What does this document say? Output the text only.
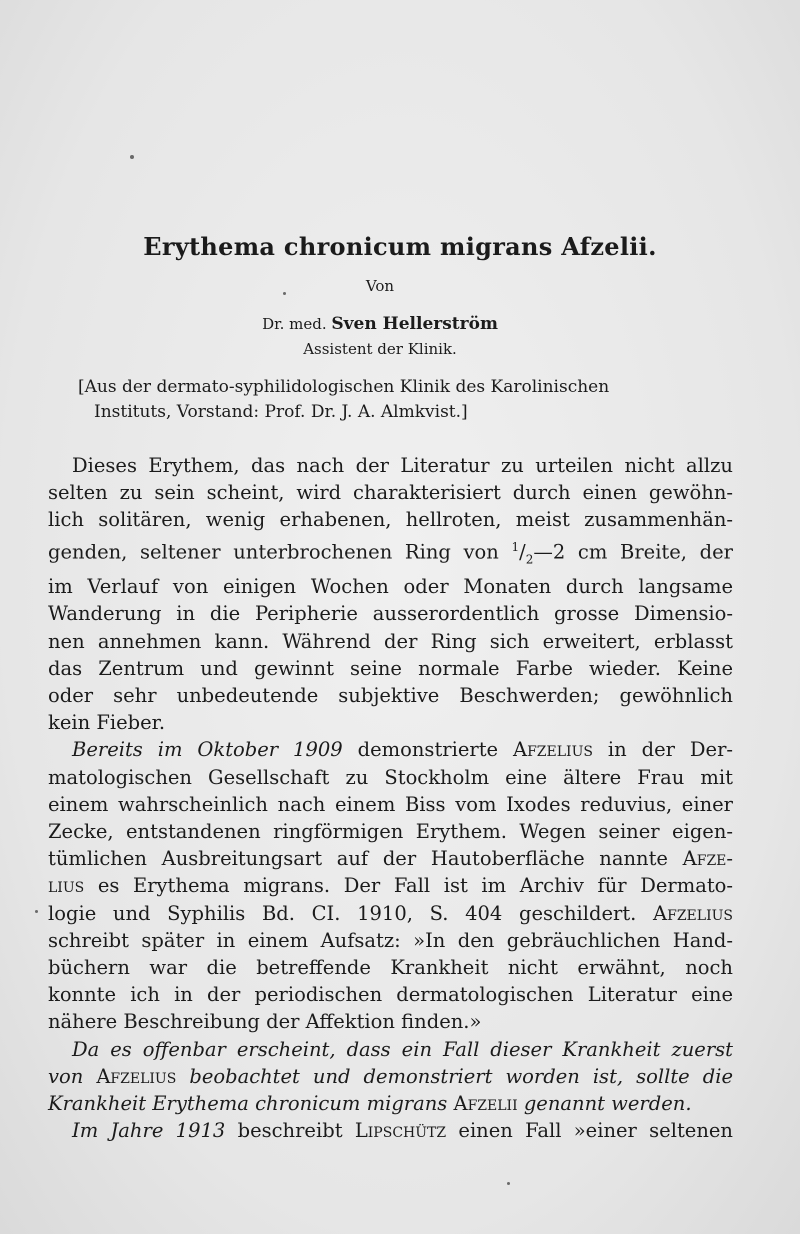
Erythema chronicum migrans Afzelii.
Von
Dr. med. Sven Hellerström
Assistent der Klinik.
[Aus der dermato-syphilidologischen Klinik des Karolinischen
Instituts, Vorstand: Prof. Dr. J. A. Almkvist.]
Dieses Erythem, das nach der Literatur zu urteilen nicht allzu
selten zu sein scheint, wird charakterisiert durch einen gewöhn-
lich solitären, wenig erhabenen, hellroten, meist zusammenhän-
genden, seltener unterbrochenen Ring von $^1/_2—2$ cm Breite, der
im Verlauf von einigen Wochen oder Monaten durch langsame
Wanderung in die Peripherie ausserordentlich grosse Dimensio-
nen annehmen kann. Während der Ring sich erweitert, erblasst
das Zentrum und gewinnt seine normale Farbe wieder. Keine
oder sehr unbedeutende subjektive Beschwerden; gewöhnlich
kein Fieber.
Bereits im Oktober 1909 demonstrierte Afzelius in der Der-
matologischen Gesellschaft zu Stockholm eine ältere Frau mit
einem wahrscheinlich nach einem Biss vom Ixodes reduvius, einer
Zecke, entstandenen ringförmigen Erythem. Wegen seiner eigen-
tümlichen Ausbreitungsart auf der Hautoberfläche nannte Afze-
lius es Erythema migrans. Der Fall ist im Archiv für Dermato-
logie und Syphilis Bd. CI. 1910, S. 404 geschildert. Afzelius
schreibt später in einem Aufsatz: »In den gebräuchlichen Hand-
büchern war die betreffende Krankheit nicht erwähnt, noch
konnte ich in der periodischen dermatologischen Literatur eine
nähere Beschreibung der Affektion finden.»
Da es offenbar erscheint, dass ein Fall dieser Krankheit zuerst
von Afzelius beobachtet und demonstriert worden ist, sollte die
Krankheit Erythema chronicum migrans Afzelii genannt werden.
Im Jahre 1913 beschreibt Lipschütz einen Fall »einer seltenen
